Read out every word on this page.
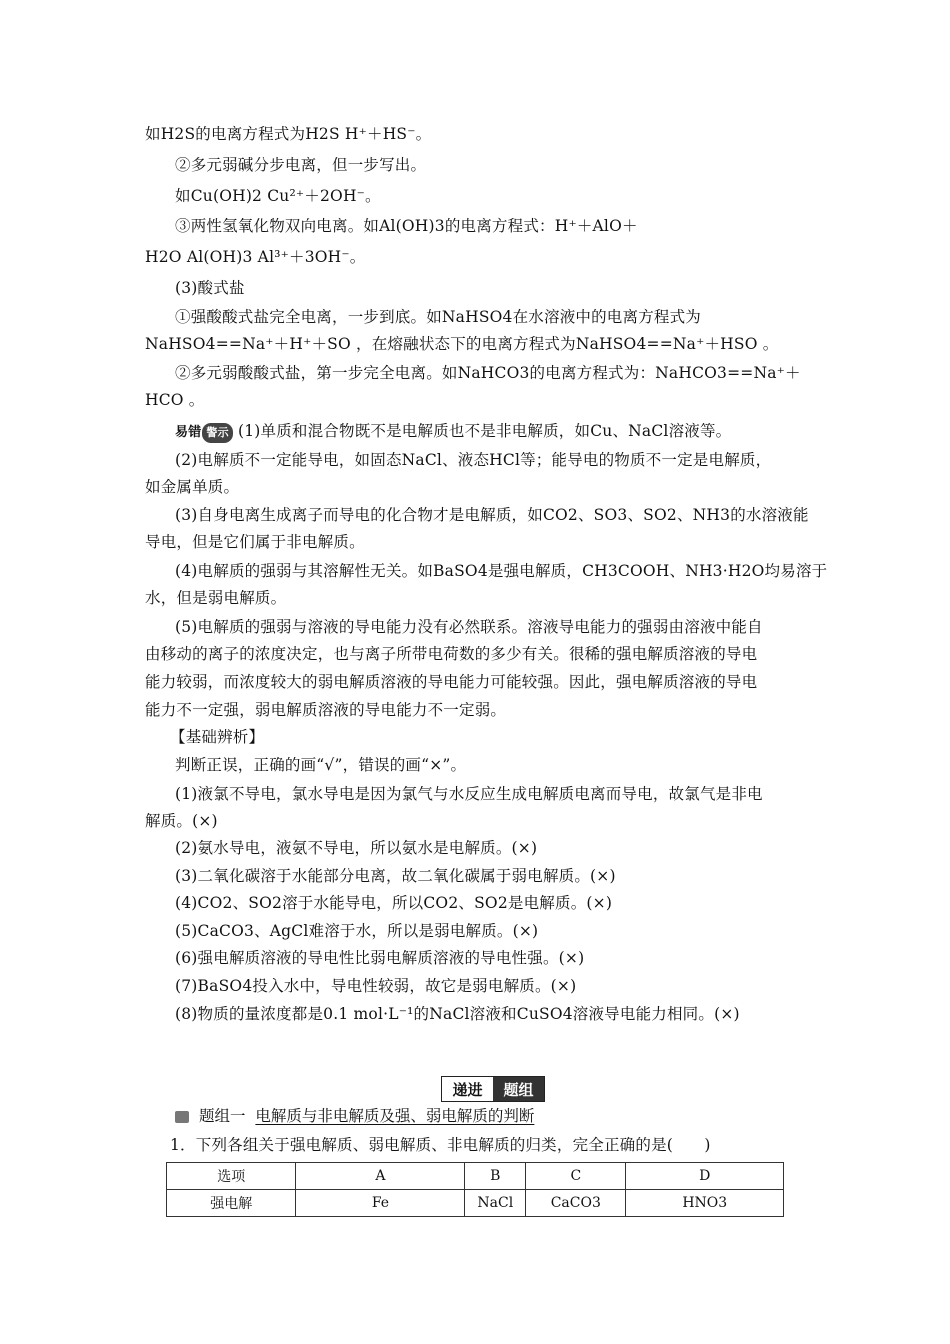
如H2S的电离方程式为H2S H⁺＋HS⁻。
②多元弱碱分步电离，但一步写出。
如Cu(OH)2 Cu²⁺＋2OH⁻。
③两性氢氧化物双向电离。如Al(OH)3的电离方程式：H⁺＋AlO＋
H2O Al(OH)3 Al³⁺＋3OH⁻。
(3)酸式盐
①强酸酸式盐完全电离，一步到底。如NaHSO4在水溶液中的电离方程式为
NaHSO4==Na⁺＋H⁺＋SO ，在熔融状态下的电离方程式为NaHSO4==Na⁺＋HSO 。
②多元弱酸酸式盐，第一步完全电离。如NaHCO3的电离方程式为：NaHCO3==Na⁺＋
HCO 。
易错 警示 (1)单质和混合物既不是电解质也不是非电解质，如Cu、NaCl溶液等。
(2)电解质不一定能导电，如固态NaCl、液态HCl等；能导电的物质不一定是电解质，
如金属单质。
(3)自身电离生成离子而导电的化合物才是电解质，如CO2、SO3、SO2、NH3的水溶液能
导电，但是它们属于非电解质。
(4)电解质的强弱与其溶解性无关。如BaSO4是强电解质，CH3COOH、NH3·H2O均易溶于
水，但是弱电解质。
(5)电解质的强弱与溶液的导电能力没有必然联系。溶液导电能力的强弱由溶液中能自
由移动的离子的浓度决定，也与离子所带电荷数的多少有关。很稀的强电解质溶液的导电
能力较弱，而浓度较大的弱电解质溶液的导电能力可能较强。因此，强电解质溶液的导电
能力不一定强，弱电解质溶液的导电能力不一定弱。
【基础辨析】
判断正误，正确的画“√”，错误的画“×”。
(1)液氯不导电，氯水导电是因为氯气与水反应生成电解质电离而导电，故氯气是非电
解质。(×)
(2)氨水导电，液氨不导电，所以氨水是电解质。(×)
(3)二氧化碳溶于水能部分电离，故二氧化碳属于弱电解质。(×)
(4)CO2、SO2溶于水能导电，所以CO2、SO2是电解质。(×)
(5)CaCO3、AgCl难溶于水，所以是弱电解质。(×)
(6)强电解质溶液的导电性比弱电解质溶液的导电性强。(×)
(7)BaSO4投入水中，导电性较弱，故它是弱电解质。(×)
(8)物质的量浓度都是0.1 mol·L⁻¹的NaCl溶液和CuSO4溶液导电能力相同。(×)
递进	题组
题组一 电解质与非电解质及强、弱电解质的判断
1．下列各组关于强电解质、弱电解质、非电解质的归类，完全正确的是(　　)
选项	A	B	C	D
强电解	Fe	NaCl	CaCO3	HNO3
